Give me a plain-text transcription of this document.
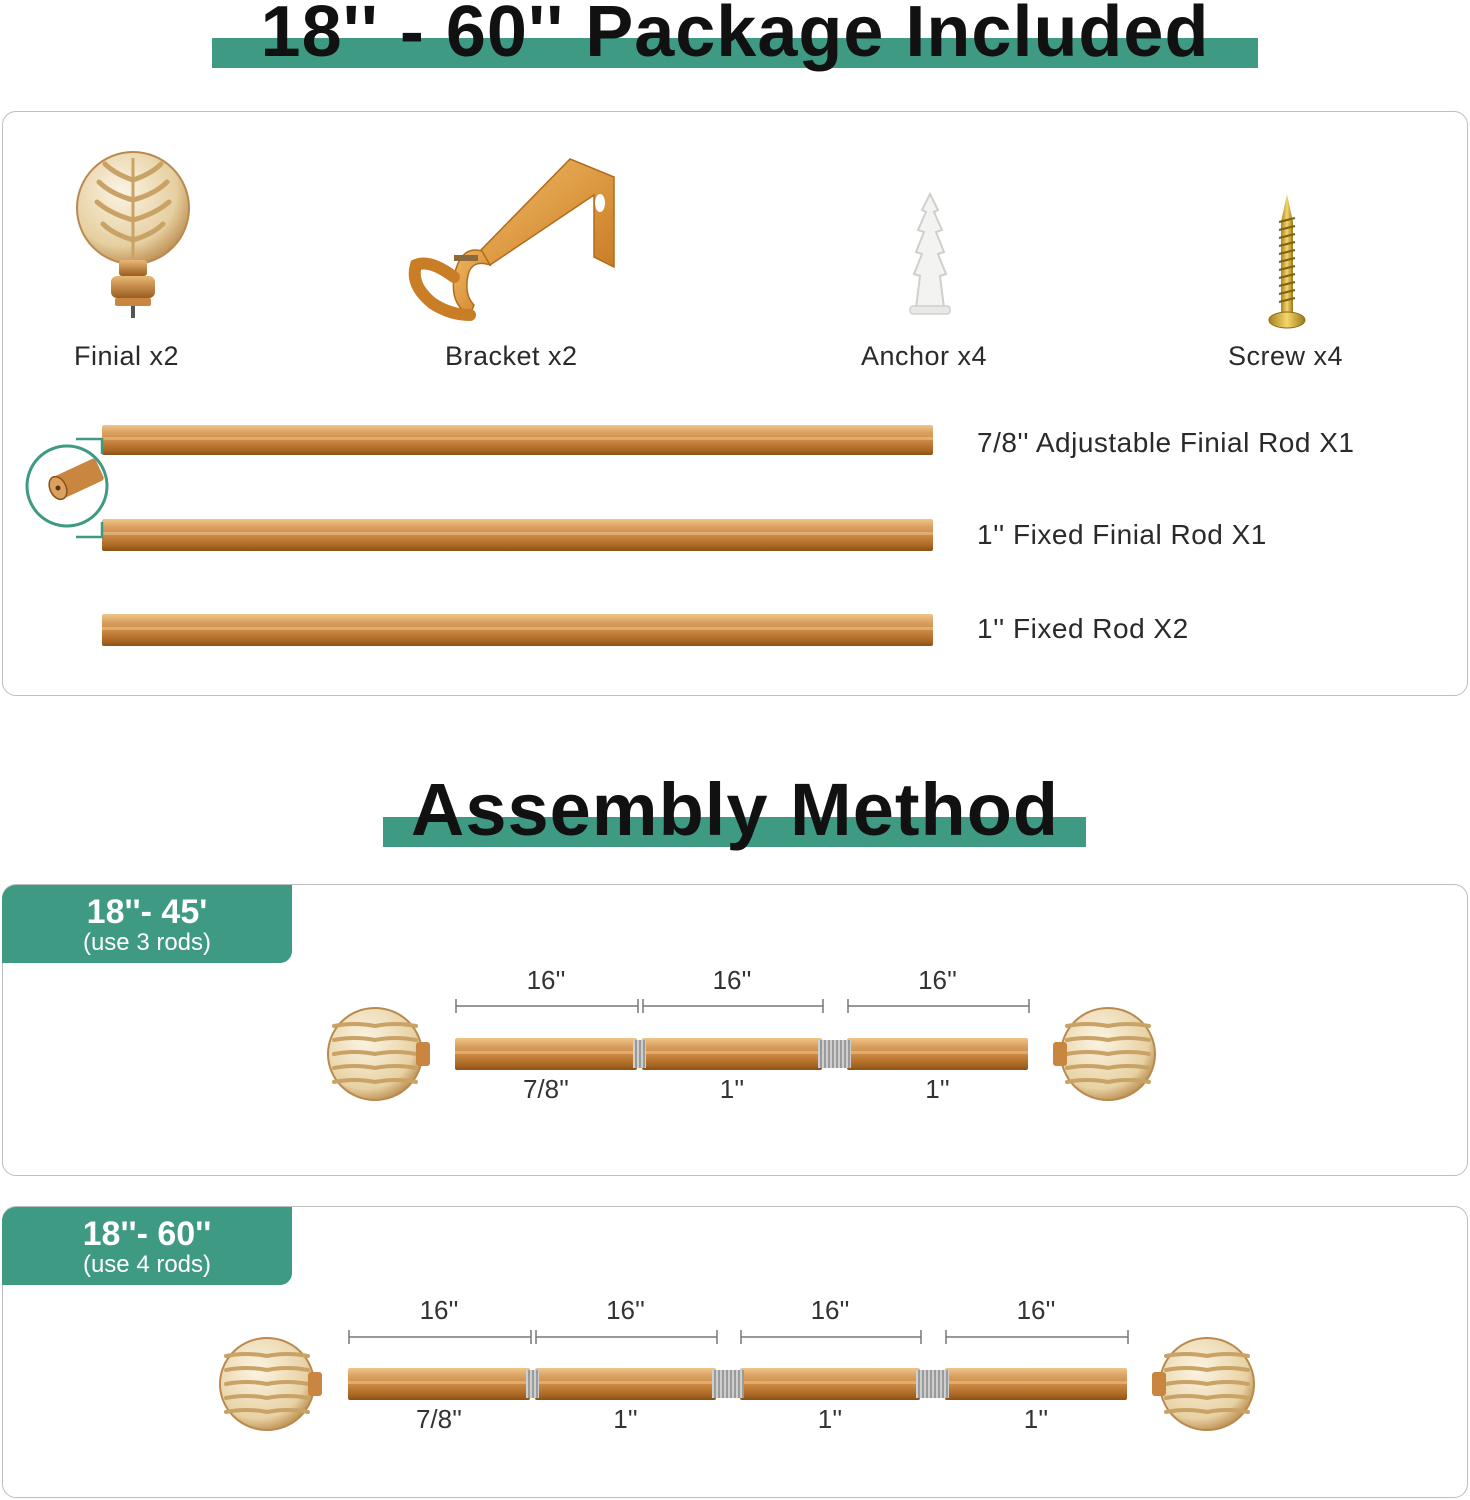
18'' - 60'' Package Included
Finial x2	Bracket x2	Anchor x4	Screw x4
7/8'' Adjustable Finial Rod X1
1'' Fixed Finial Rod X1
1'' Fixed Rod X2
Assembly Method
18''- 45'
(use 3 rods)
18''- 60''
(use 4 rods)
16''
7/8''
16''
1''
16''
1''
16''
7/8''
16''
1''
16''
1''
16''
1''
